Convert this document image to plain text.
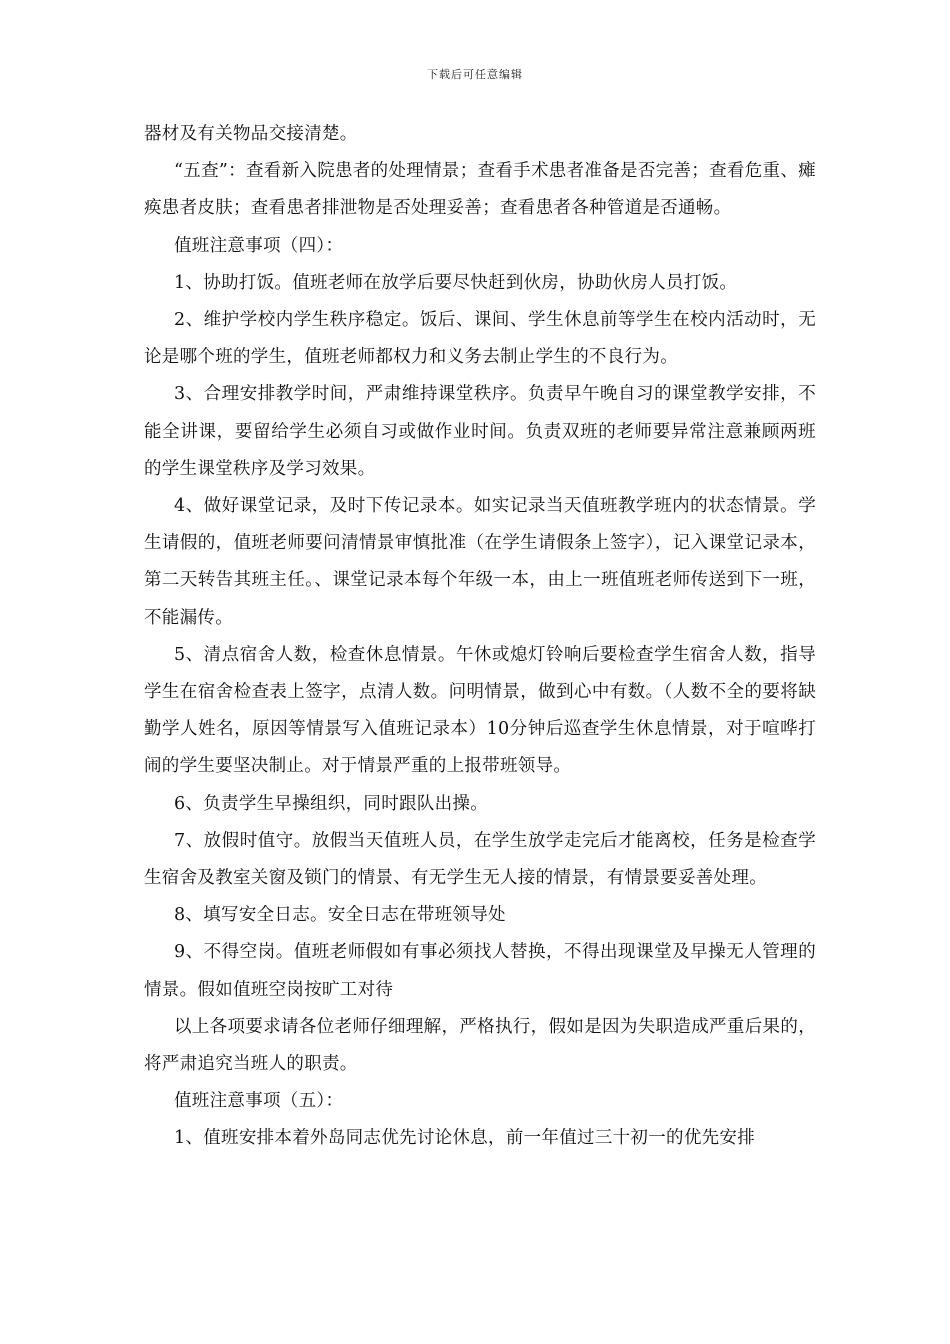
下载后可任意编辑

器材及有关物品交接清楚。

“五查”：查看新入院患者的处理情景；查看手术患者准备是否完善；查看危重、瘫痪患者皮肤；查看患者排泄物是否处理妥善；查看患者各种管道是否通畅。

值班注意事项（四）：

1、协助打饭。值班老师在放学后要尽快赶到伙房，协助伙房人员打饭。

2、维护学校内学生秩序稳定。饭后、课间、学生休息前等学生在校内活动时，无论是哪个班的学生，值班老师都权力和义务去制止学生的不良行为。

3、合理安排教学时间，严肃维持课堂秩序。负责早午晚自习的课堂教学安排，不能全讲课，要留给学生必须自习或做作业时间。负责双班的老师要异常注意兼顾两班的学生课堂秩序及学习效果。

4、做好课堂记录，及时下传记录本。如实记录当天值班教学班内的状态情景。学生请假的，值班老师要问清情景审慎批准（在学生请假条上签字），记入课堂记录本，第二天转告其班主任。、课堂记录本每个年级一本，由上一班值班老师传送到下一班，不能漏传。

5、清点宿舍人数，检查休息情景。午休或熄灯铃响后要检查学生宿舍人数，指导学生在宿舍检查表上签字，点清人数。问明情景，做到心中有数。（人数不全的要将缺勤学人姓名，原因等情景写入值班记录本）10分钟后巡查学生休息情景，对于喧哗打闹的学生要坚决制止。对于情景严重的上报带班领导。

6、负责学生早操组织，同时跟队出操。

7、放假时值守。放假当天值班人员，在学生放学走完后才能离校，任务是检查学生宿舍及教室关窗及锁门的情景、有无学生无人接的情景，有情景要妥善处理。

8、填写安全日志。安全日志在带班领导处

9、不得空岗。值班老师假如有事必须找人替换，不得出现课堂及早操无人管理的情景。假如值班空岗按旷工对待

以上各项要求请各位老师仔细理解，严格执行，假如是因为失职造成严重后果的，将严肃追究当班人的职责。

值班注意事项（五）：

1、值班安排本着外岛同志优先讨论休息，前一年值过三十初一的优先安排
